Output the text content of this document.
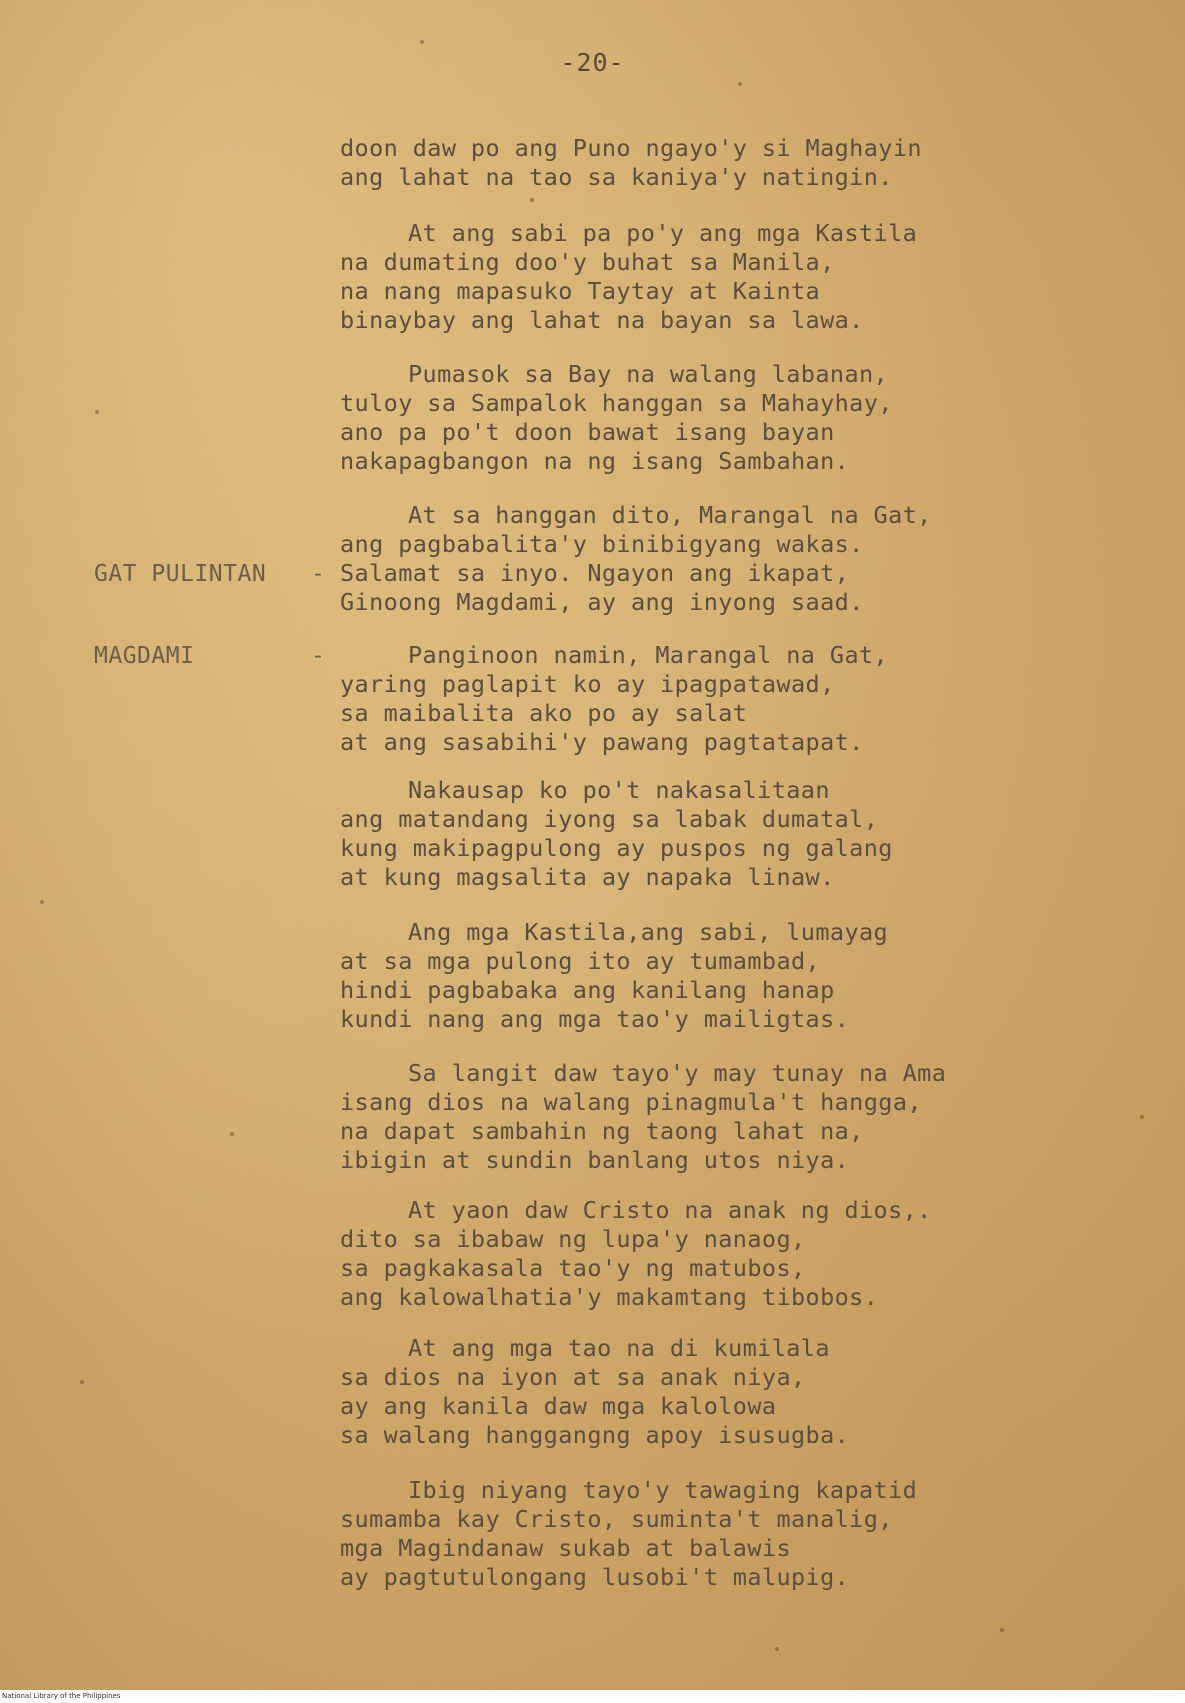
-20-
doon daw po ang Puno ngayo'y si Maghayin
ang lahat na tao sa kaniya'y natingin.
At ang sabi pa po'y ang mga Kastila
na dumating doo'y buhat sa Manila,
na nang mapasuko Taytay at Kainta
binaybay ang lahat na bayan sa lawa.
Pumasok sa Bay na walang labanan,
tuloy sa Sampalok hanggan sa Mahayhay,
ano pa po't doon bawat isang bayan
nakapagbangon na ng isang Sambahan.
At sa hanggan dito, Marangal na Gat,
ang pagbabalita'y binibigyang wakas.
Salamat sa inyo. Ngayon ang ikapat,
Ginoong Magdami, ay ang inyong saad.
GAT PULINTAN -
MAGDAMI	-	Panginoon namin, Marangal na Gat,
yaring paglapit ko ay ipagpatawad,
sa maibalita ako po ay salat
at ang sasabihi'y pawang pagtatapat.
Nakausap ko po't nakasalitaan
ang matandang iyong sa labak dumatal,
kung makipagpulong ay puspos ng galang
at kung magsalita ay napaka linaw.
Ang mga Kastila,ang sabi, lumayag
at sa mga pulong ito ay tumambad,
hindi pagbabaka ang kanilang hanap
kundi nang ang mga tao'y mailigtas.
Sa langit daw tayo'y may tunay na Ama
isang dios na walang pinagmula't hangga,
na dapat sambahin ng taong lahat na,
ibigin at sundin banlang utos niya.
At yaon daw Cristo na anak ng dios,.
dito sa ibabaw ng lupa'y nanaog,
sa pagkakasala tao'y ng matubos,
ang kalowalhatia'y makamtang tibobos.
At ang mga tao na di kumilala
sa dios na iyon at sa anak niya,
ay ang kanila daw mga kalolowa
sa walang hanggangng apoy isusugba.
Ibig niyang tayo'y tawaging kapatid
sumamba kay Cristo, suminta't manalig,
mga Magindanaw sukab at balawis
ay pagtutulongang lusobi't malupig.
National Library of the Philippines
